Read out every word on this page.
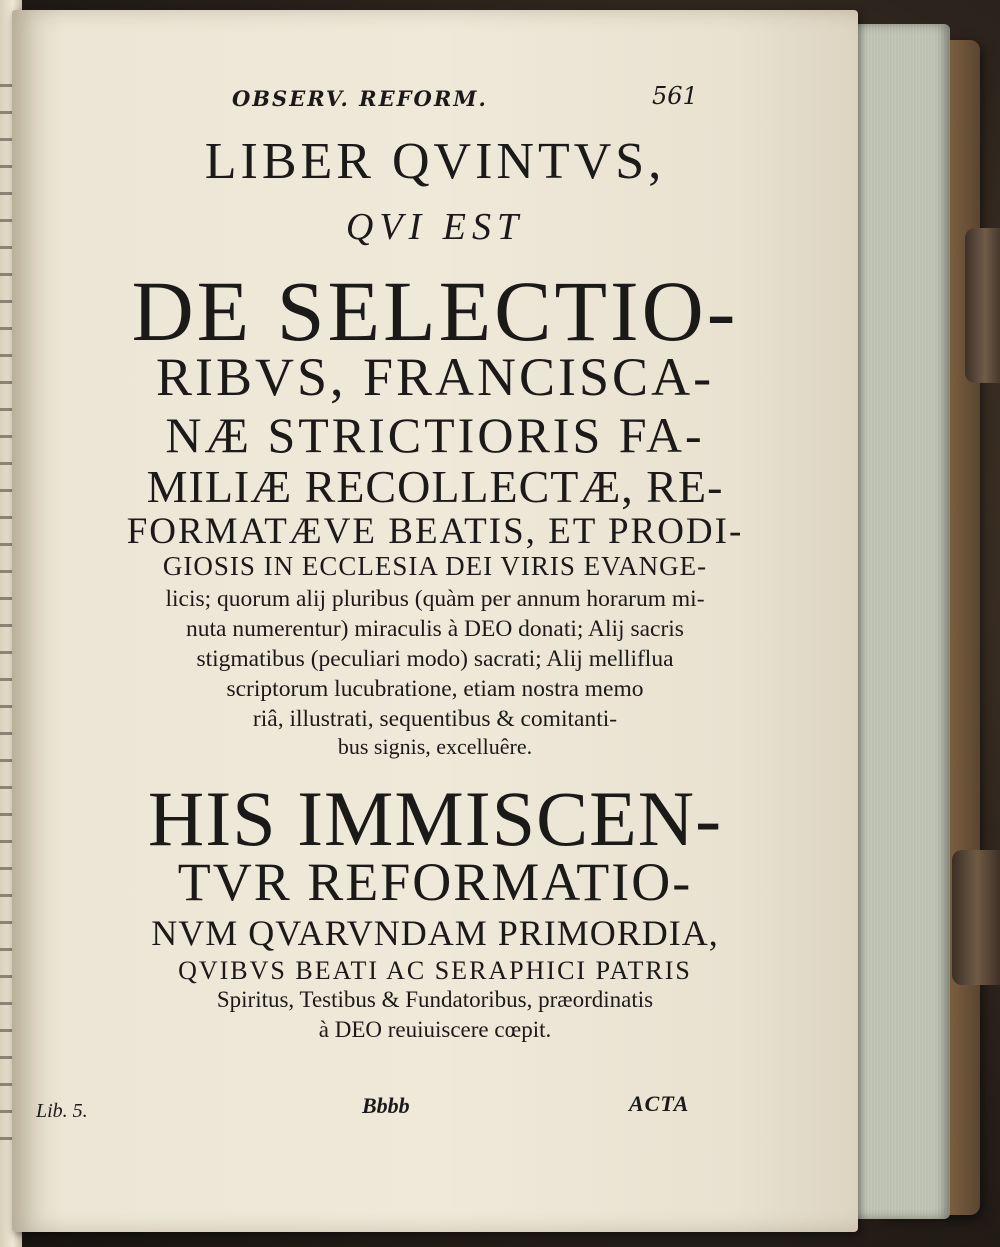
OBSERV. REFORM.	561
LIBER QVINTVS,
QVI EST
DE SELECTIO-
RIBVS, FRANCISCA-
NÆ STRICTIORIS FA-
MILIÆ RECOLLECTÆ, RE-
FORMATÆVE BEATIS, ET PRODI-
GIOSIS IN ECCLESIA DEI VIRIS EVANGE-
licis; quorum alij pluribus (quàm per annum horarum mi-
nuta numerentur) miraculis à DEO donati; Alij sacris
stigmatibus (peculiari modo) sacrati; Alij melliflua
scriptorum lucubratione, etiam nostra memo
riâ, illustrati, sequentibus & comitanti-
bus signis, excelluêre.
HIS IMMISCEN-
TVR REFORMATIO-
NVM QVARVNDAM PRIMORDIA,
QVIBVS BEATI AC SERAPHICI PATRIS
Spiritus, Testibus & Fundatoribus, præordinatis
à DEO reuiuiscere cœpit.
Lib. 5.	Bbbb	ACTA
